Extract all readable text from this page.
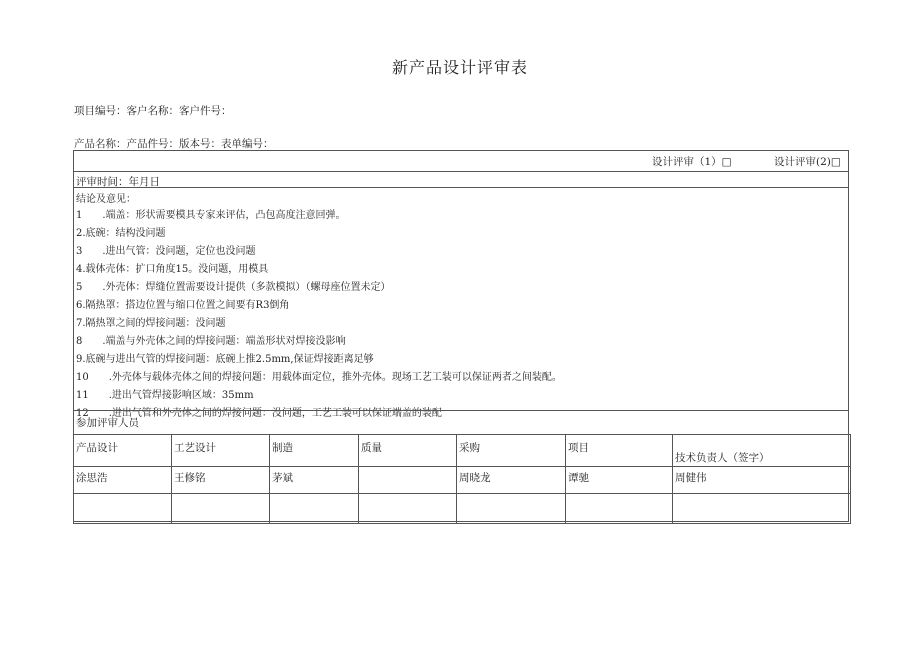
新产品设计评审表
项目编号：客户名称：客户件号：
产品名称：产品件号：版本号：表单编号：
设计评审（1）□	设计评审(2)□
评审时间：年月日
结论及意见：
1　　.端盖：形状需要模具专家来评估，凸包高度注意回弹。
2.底碗：结构没问题
3　　.进出气管：没问题，定位也没问题
4.载体壳体：扩口角度15。没问题，用模具
5　　.外壳体：焊缝位置需要设计提供（多款模拟）（螺母座位置未定）
6.隔热罩：搭边位置与缩口位置之间要有R3倒角
7.隔热罩之间的焊接问题：没问题
8　　.端盖与外壳体之间的焊接问题：端盖形状对焊接没影响
9.底碗与进出气管的焊接问题：底碗上推2.5mm,保证焊接距离足够
10　　.外壳体与载体壳体之间的焊接问题：用载体面定位，推外壳体。现场工艺工装可以保证两者之间装配。
11　　.进出气管焊接影响区域：35mm
12　　.进出气管和外壳体之间的焊接问题：没问题，工艺工装可以保证端盖的装配
参加评审人员
产品设计	工艺设计	制造	质量	采购	项目	技术负责人（签字）
涂思浩	王修铭	茅斌		周晓龙	谭驰	周健伟
